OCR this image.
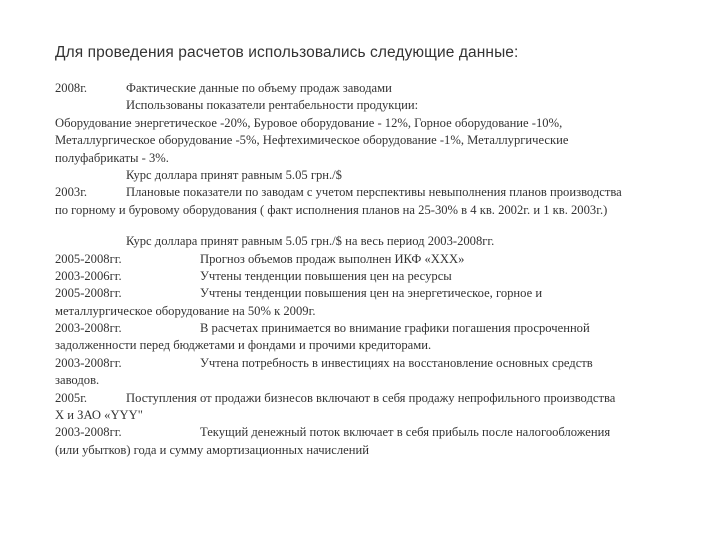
Для проведения расчетов использовались следующие данные:
2008г.	Фактические данные по объему продаж заводами
Использованы показатели рентабельности продукции:
Оборудование энергетическое -20%, Буровое оборудование - 12%, Горное оборудование -10%,
Металлургическое оборудование -5%, Нефтехимическое оборудование -1%, Металлургические
полуфабрикаты - 3%.
Курс доллара принят равным 5.05 грн./$
2003г.	Плановые показатели по заводам с учетом перспективы невыполнения планов производства
по горному и буровому оборудования ( факт исполнения планов на 25-30% в 4 кв. 2002г. и 1 кв. 2003г.)
Курс доллара принят равным 5.05 грн./$ на весь период 2003-2008гг.
2005-2008гг.	Прогноз объемов продаж выполнен ИКФ «XXX»
2003-2006гг.	Учтены тенденции повышения цен на ресурсы
2005-2008гг.	Учтены тенденции повышения цен на энергетическое, горное и
металлургическое оборудование на 50% к 2009г.
2003-2008гг.	В расчетах принимается во внимание графики погашения просроченной
задолженности перед бюджетами и фондами и прочими кредиторами.
2003-2008гг.	Учтена потребность в инвестициях на восстановление основных средств
заводов.
2005г.	Поступления от продажи бизнесов включают в себя продажу непрофильного производства
X и ЗАО «YYY"
2003-2008гг.	Текущий денежный поток включает в себя прибыль после налогообложения
(или убытков) года и сумму амортизационных начислений
